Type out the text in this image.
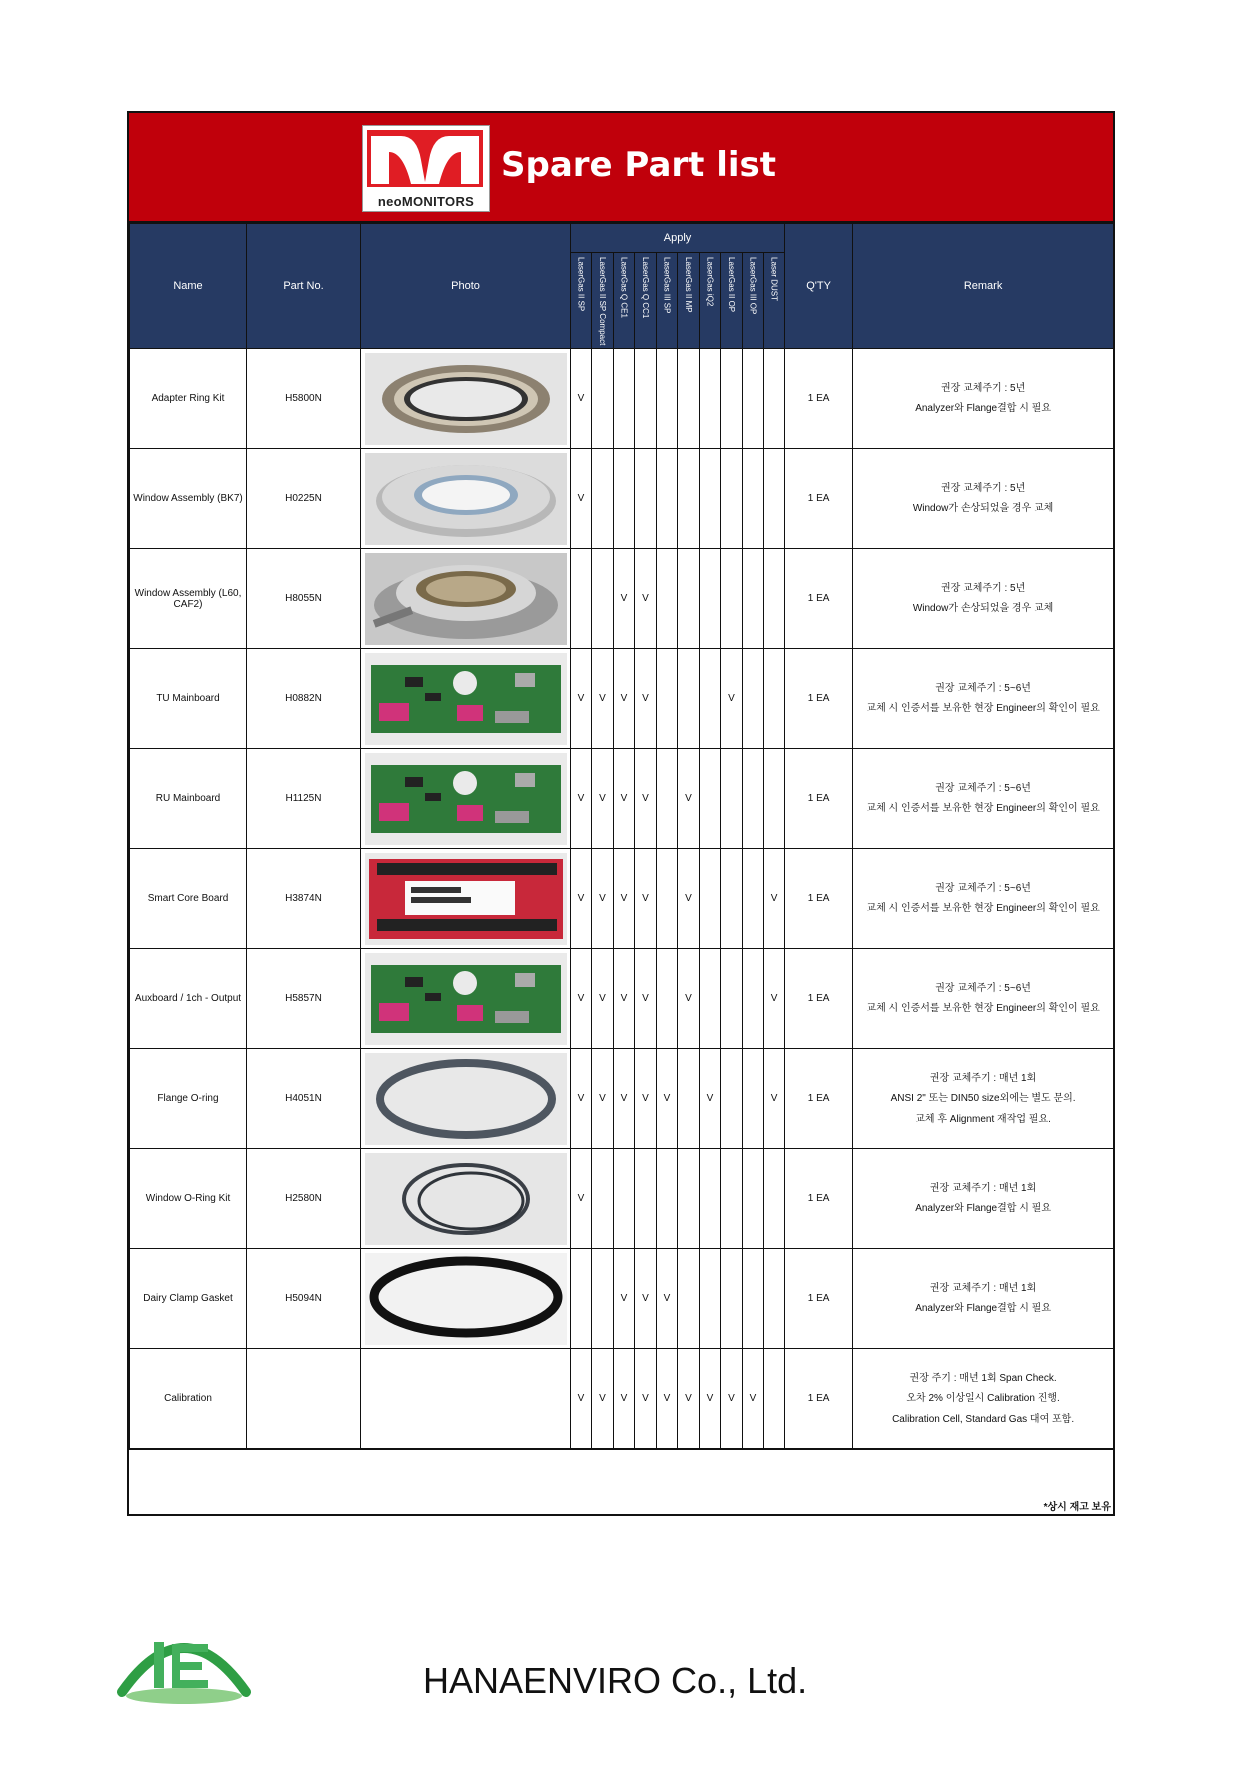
neoMONITORS
Spare Part list
Name	Part No.	Photo	Apply										Q'TY	Remark
			LaserGas II SP	LaserGas II SP Compact	LaserGas Q CE1	LaserGas Q CC1	LaserGas III SP	LaserGas II MP	LaserGas iQ2	LaserGas II OP	LaserGas III OP	Laser DUST		
Adapter Ring Kit	H5800N		V										1 EA	권장 교체주기 : 5년
Analyzer와 Flange결합 시 필요

Window Assembly (BK7)	H0225N		V										1 EA	권장 교체주기 : 5년
Window가 손상되었을 경우 교체

Window Assembly (L60, CAF2)	H8055N				V	V							1 EA	권장 교체주기 : 5년
Window가 손상되었을 경우 교체

TU Mainboard	H0882N		V	V	V	V				V			1 EA	권장 교체주기 : 5~6년
교체 시 인증서를 보유한 현장 Engineer의 확인이 필요

RU Mainboard	H1125N		V	V	V	V		V					1 EA	권장 교체주기 : 5~6년
교체 시 인증서를 보유한 현장 Engineer의 확인이 필요

Smart Core Board	H3874N		V	V	V	V		V				V	1 EA	권장 교체주기 : 5~6년
교체 시 인증서를 보유한 현장 Engineer의 확인이 필요

Auxboard / 1ch - Output	H5857N		V	V	V	V		V				V	1 EA	권장 교체주기 : 5~6년
교체 시 인증서를 보유한 현장 Engineer의 확인이 필요

Flange O-ring	H4051N		V	V	V	V	V		V			V	1 EA	권장 교체주기 : 매년 1회
ANSI 2" 또는 DIN50 size외에는 별도 문의.
교체 후 Alignment 재작업 필요.

Window O-Ring Kit	H2580N		V										1 EA	권장 교체주기 : 매년 1회
Analyzer와 Flange결합 시 필요

Dairy Clamp Gasket	H5094N				V	V	V						1 EA	권장 교체주기 : 매년 1회
Analyzer와 Flange결합 시 필요

Calibration			V	V	V	V	V	V	V	V	V		1 EA	권장 주기 : 매년 1회 Span Check.
오차 2% 이상일시 Calibration 진행.
Calibration Cell, Standard Gas 대여 포함.
*상시 재고 보유
HANAENVIRO Co., Ltd.
